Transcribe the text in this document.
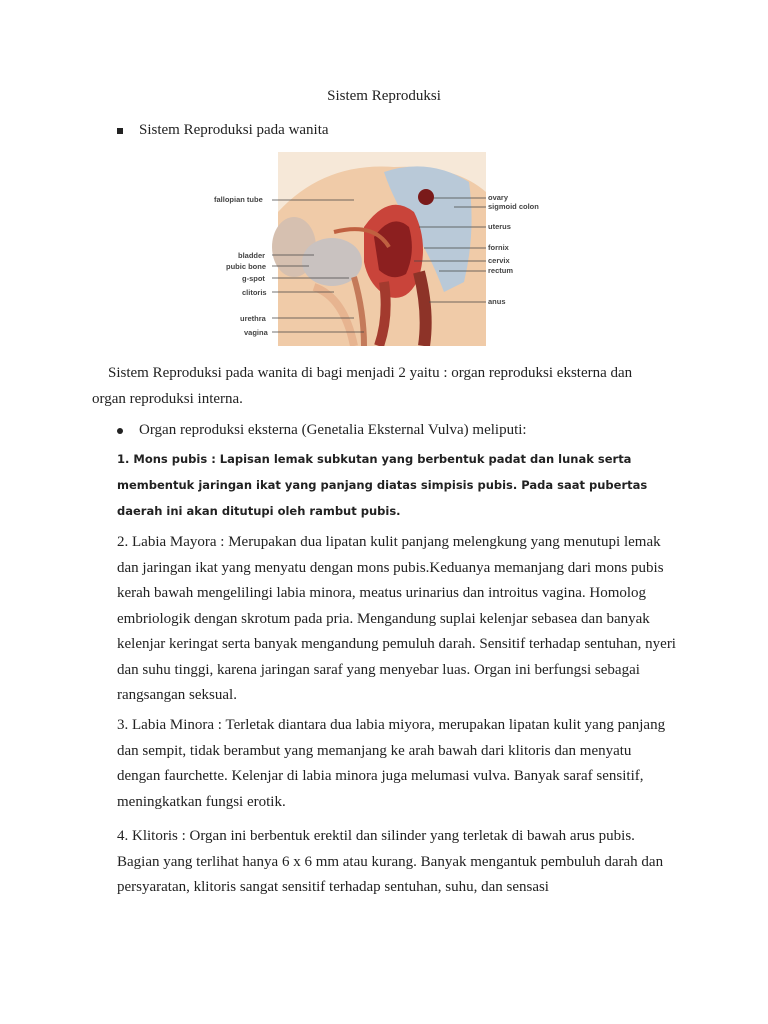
Sistem Reproduksi
Sistem Reproduksi pada wanita
fallopian tube
bladder
pubic bone
g-spot
clitoris
urethra
vagina
ovary
sigmoid colon
uterus
fornix
cervix
rectum
anus
Sistem Reproduksi pada wanita di bagi menjadi 2 yaitu : organ reproduksi eksterna dan organ reproduksi interna.
Organ reproduksi eksterna (Genetalia Eksternal Vulva) meliputi:
1. Mons pubis : Lapisan lemak subkutan yang berbentuk padat dan lunak serta membentuk jaringan ikat yang panjang diatas simpisis pubis. Pada saat pubertas daerah ini akan ditutupi oleh rambut pubis.
2. Labia Mayora : Merupakan dua lipatan kulit panjang melengkung yang menutupi lemak dan jaringan ikat yang menyatu dengan mons pubis.Keduanya memanjang dari mons pubis kerah bawah mengelilingi labia minora, meatus urinarius dan introitus vagina. Homolog embriologik dengan skrotum pada pria. Mengandung suplai kelenjar sebasea dan banyak kelenjar keringat serta banyak mengandung pemuluh darah. Sensitif terhadap sentuhan, nyeri dan suhu tinggi, karena jaringan saraf yang menyebar luas. Organ ini berfungsi sebagai rangsangan seksual.
3. Labia Minora : Terletak diantara dua labia miyora, merupakan lipatan kulit yang panjang dan sempit, tidak berambut yang memanjang ke arah bawah dari klitoris dan menyatu dengan faurchette. Kelenjar di labia minora juga melumasi vulva. Banyak saraf sensitif, meningkatkan fungsi erotik.
4. Klitoris : Organ ini berbentuk erektil dan silinder yang terletak di bawah arus pubis. Bagian yang terlihat hanya 6 x 6 mm atau kurang. Banyak mengantuk pembuluh darah dan persyaratan, klitoris sangat sensitif terhadap sentuhan, suhu, dan sensasi
